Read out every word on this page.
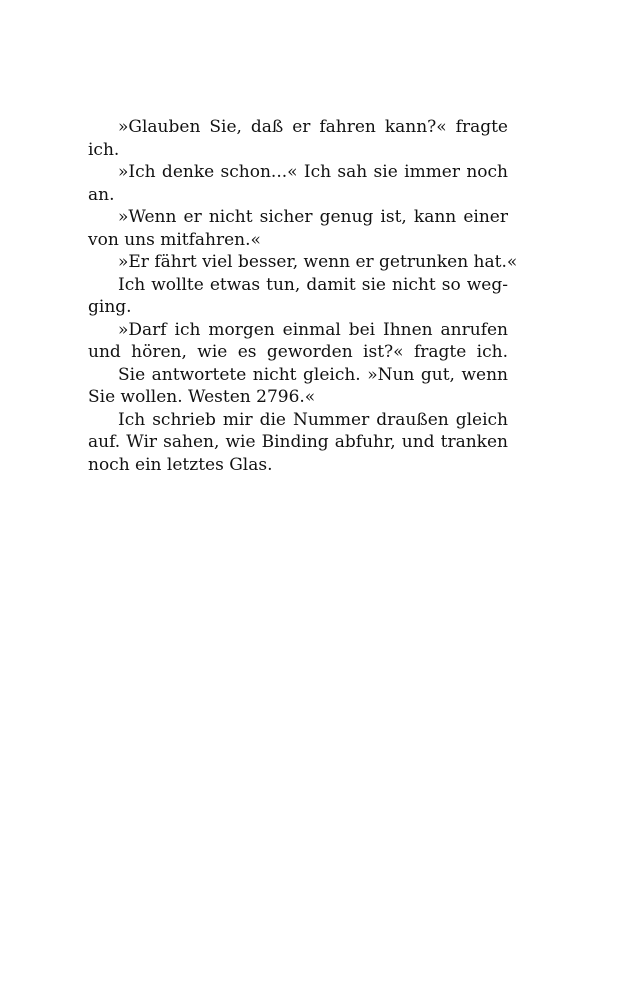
»Glauben Sie, daß er fahren kann?« fragte
ich.
»Ich denke schon...« Ich sah sie immer noch
an.
»Wenn er nicht sicher genug ist, kann einer
von uns mitfahren.«
»Er fährt viel besser, wenn er getrunken hat.«
Ich wollte etwas tun, damit sie nicht so weg-
ging.
»Darf ich morgen einmal bei Ihnen anrufen
und hören, wie es geworden ist?« fragte ich.
Sie antwortete nicht gleich. »Nun gut, wenn
Sie wollen. Westen 2796.«
Ich schrieb mir die Nummer draußen gleich
auf. Wir sahen, wie Binding abfuhr, und tranken
noch ein letztes Glas.
